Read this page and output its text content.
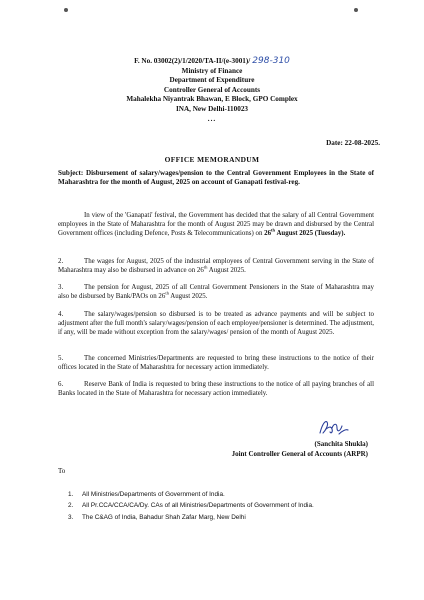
F. No. 03002(2)/1/2020/TA-II/(e-3001)/ 298-310
Ministry of Finance
Department of Expenditure
Controller General of Accounts
Mahalekha Niyantrak Bhawan, E Block, GPO Complex
INA, New Delhi-110023
...
Date: 22-08-2025.
OFFICE MEMORANDUM
Subject: Disbursement of salary/wages/pension to the Central Government Employees in the State of Maharashtra for the month of August, 2025 on account of Ganapati festival-reg.

In view of the 'Ganapati' festival, the Government has decided that the salary of all Central Government employees in the State of Maharashtra for the month of August 2025 may be drawn and disbursed by the Central Government offices (including Defence, Posts & Telecommunications) on 26th August 2025 (Tuesday).

2.	The wages for August, 2025 of the industrial employees of Central Government serving in the State of Maharashtra may also be disbursed in advance on 26th August 2025.

3.	The pension for August, 2025 of all Central Government Pensioners in the State of Maharashtra may also be disbursed by Bank/PAOs on 26th August 2025.

4.	The salary/wages/pension so disbursed is to be treated as advance payments and will be subject to adjustment after the full month's salary/wages/pension of each employee/pensioner is determined. The adjustment, if any, will be made without exception from the salary/wages/ pension of the month of August 2025.

5.	The concerned Ministries/Departments are requested to bring these instructions to the notice of their offices located in the State of Maharashtra for necessary action immediately.

6.	Reserve Bank of India is requested to bring these instructions to the notice of all paying branches of all Banks located in the State of Maharashtra for necessary action immediately.

(Sanchita Shukla)
Joint Controller General of Accounts (ARPR)
To
1. All Ministries/Departments of Government of India.
2. All Pr.CCA/CCA/CA/Dy. CAs of all Ministries/Departments of Government of India.
3. The C&AG of India, Bahadur Shah Zafar Marg, New Delhi
